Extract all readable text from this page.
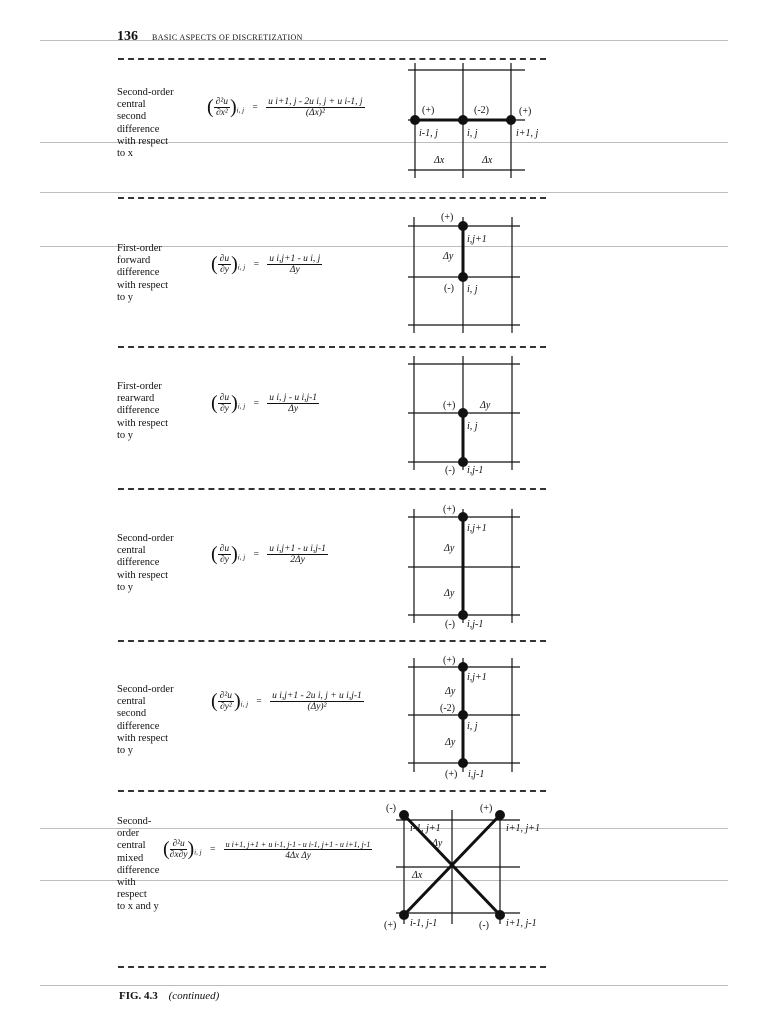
136 BASIC ASPECTS OF DISCRETIZATION
Second-order
central
second
difference
with respect
to x
( $\frac{\text{∂²u}}{\text{∂x²}} )_{i, j} = \frac{\text{u i+1, j - 2u i, j + u i-1, j}}{\text{(Δx)²}}$	(+)	(-2)	(+)
i-1, j	i, j	i+1, j
Δx	Δx
First-order
forward
difference
with respect
to y
( $\frac{\partial u}{\partial y} )_{i, j} = \frac{\text{u i,j+1 - u i, j}}{\Delta y}$
(+)
i,j+1
Δy
(-) i, j
First-order
rearward
difference
with respect
to y
( $\frac{\partial u}{\partial y} )_{i, j} = \frac{\text{u i, j - u i,j-1}}{\Delta y}$	(+) Δy
i, j
(-) i,j-1
Second-order
central
difference
with respect
to y
( $\frac{\partial u}{\partial y} )_{i, j} = \frac{\text{u i,j+1 - u i,j-1}}{2\Delta y}$
(+)
i,j+1
Δy
Δy
(-) i,j-1
Second-order
central
second
difference
with respect
to y
( $\frac{\text{∂²u}}{\text{∂y²}} )_{i, j} = \frac{\text{u i,j+1 - 2u i, j + u i,j-1}}{\text{(Δy)²}}$
(+)
i,j+1
Δy
(-2)
i, j
Δy
(+) i,j-1
Second-
order
central
mixed
difference
with
respect
to x and y
( $\frac{\text{∂²u}}{\partial x\partial y} )_{i, j} = \frac{\text{u i+1, j+1 + u i-1, j-1 - u i-1, j+1 - u i+1, j-1}}{\text{4Δx Δy}}$
(-)
i-1, j+1
(+)
i+1, j+1
Δy
Δx
(+) i-1, j-1	(-) i+1, j-1
FIG. 4.3 (continued)
